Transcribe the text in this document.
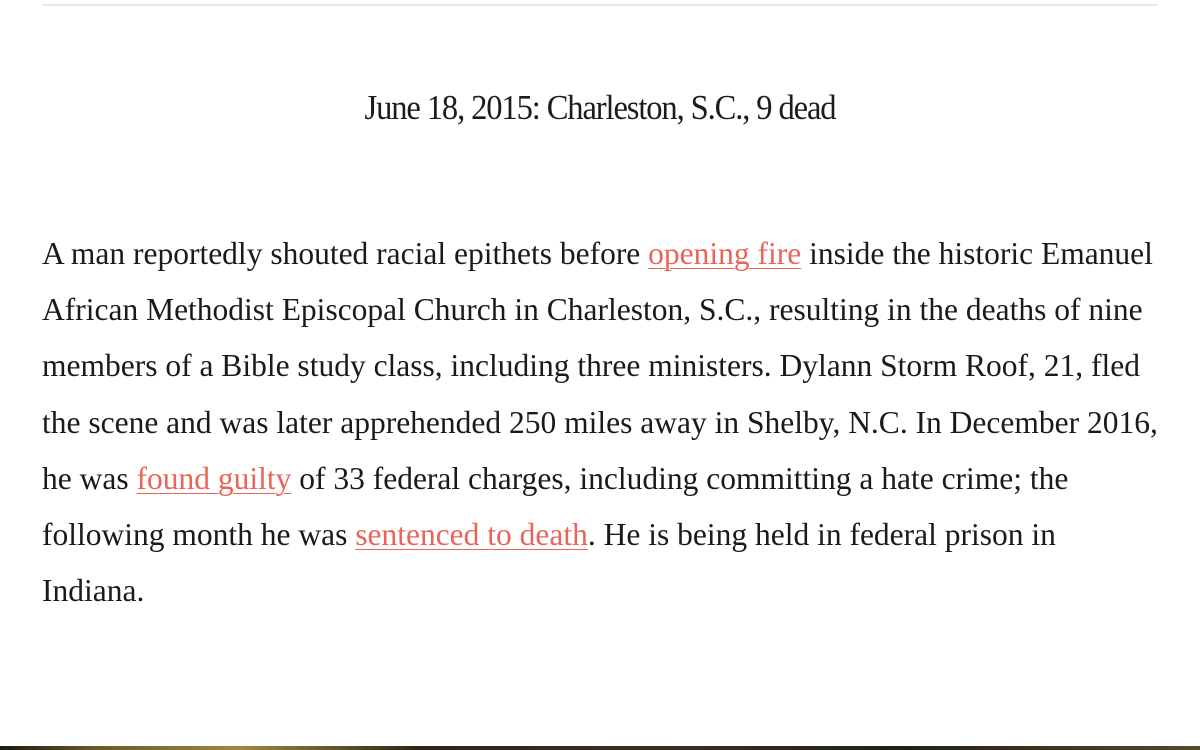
June 18, 2015: Charleston, S.C., 9 dead

A man reportedly shouted racial epithets before opening fire inside the historic Emanuel African Methodist Episcopal Church in Charleston, S.C., resulting in the deaths of nine members of a Bible study class, including three ministers. Dylann Storm Roof, 21, fled the scene and was later apprehended 250 miles away in Shelby, N.C. In December 2016, he was found guilty of 33 federal charges, including committing a hate crime; the following month he was sentenced to death. He is being held in federal prison in Indiana.
